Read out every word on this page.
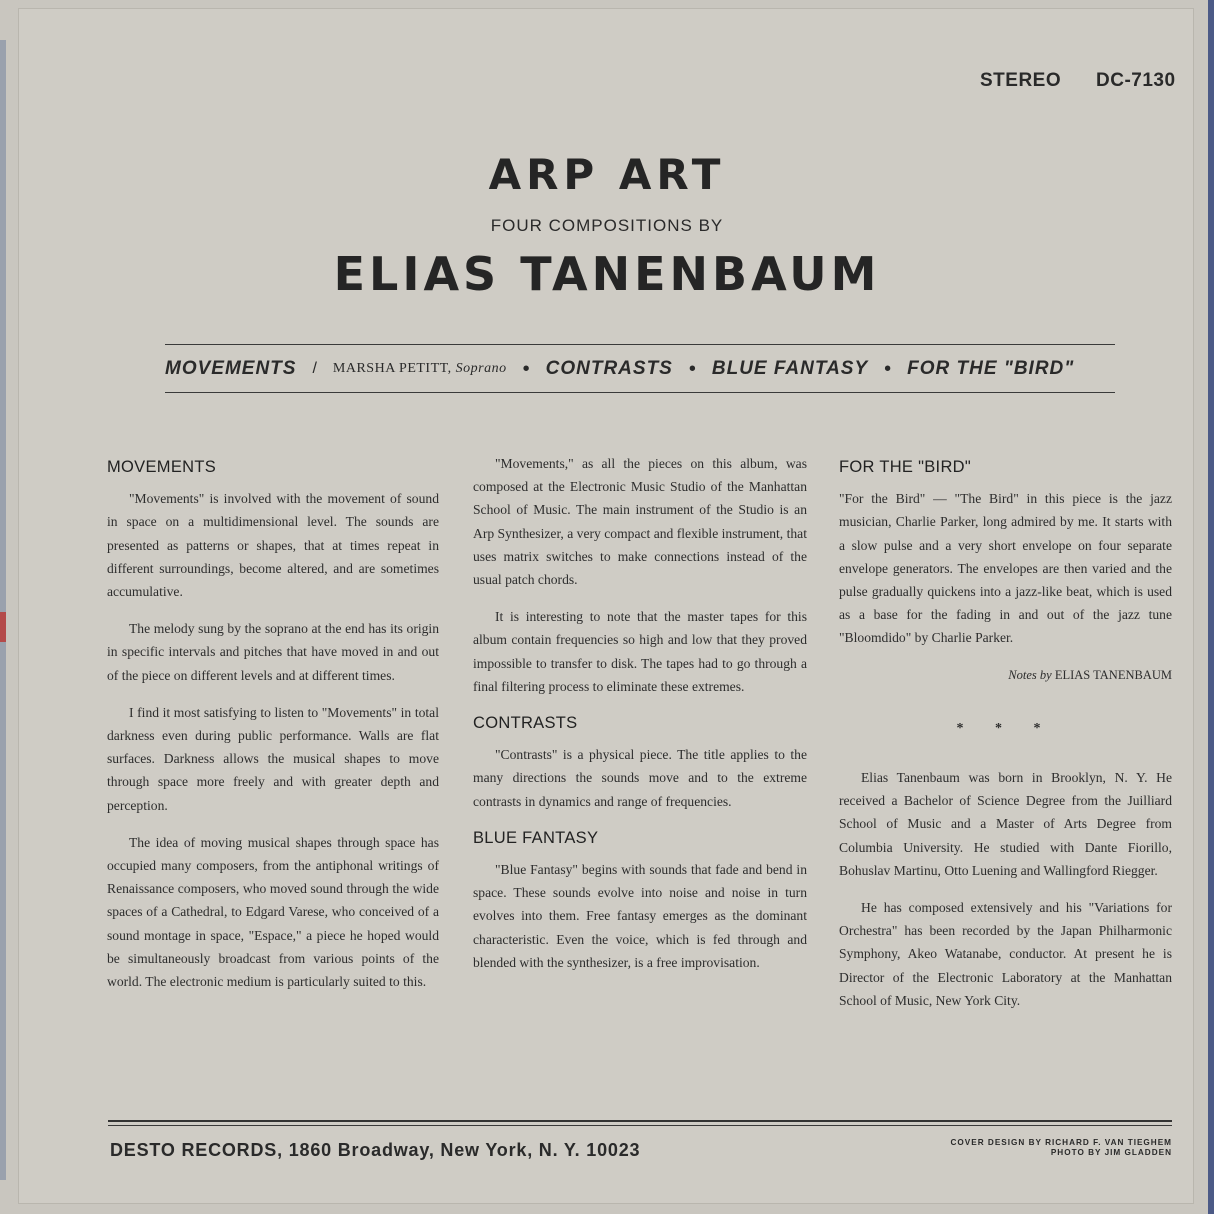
STEREO DC-7130
ARP ART
FOUR COMPOSITIONS BY
ELIAS TANENBAUM
MOVEMENTS / MARSHA PETITT, Soprano • CONTRASTS • BLUE FANTASY • FOR THE "BIRD"
MOVEMENTS

"Movements" is involved with the movement of sound in space on a multidimensional level. The sounds are presented as patterns or shapes, that at times repeat in different surroundings, become altered, and are sometimes accumulative.

The melody sung by the soprano at the end has its origin in specific intervals and pitches that have moved in and out of the piece on different levels and at different times.

I find it most satisfying to listen to "Movements" in total darkness even during public performance. Walls are flat surfaces. Darkness allows the musical shapes to move through space more freely and with greater depth and perception.

The idea of moving musical shapes through space has occupied many composers, from the antiphonal writings of Renaissance composers, who moved sound through the wide spaces of a Cathedral, to Edgard Varese, who conceived of a sound montage in space, "Espace," a piece he hoped would be simultaneously broadcast from various points of the world. The electronic medium is particularly suited to this.

"Movements," as all the pieces on this album, was composed at the Electronic Music Studio of the Manhattan School of Music. The main instrument of the Studio is an Arp Synthesizer, a very compact and flexible instrument, that uses matrix switches to make connections instead of the usual patch chords.

It is interesting to note that the master tapes for this album contain frequencies so high and low that they proved impossible to transfer to disk. The tapes had to go through a final filtering process to eliminate these extremes.

CONTRASTS

"Contrasts" is a physical piece. The title applies to the many directions the sounds move and to the extreme contrasts in dynamics and range of frequencies.

BLUE FANTASY

"Blue Fantasy" begins with sounds that fade and bend in space. These sounds evolve into noise and noise in turn evolves into them. Free fantasy emerges as the dominant characteristic. Even the voice, which is fed through and blended with the synthesizer, is a free improvisation.

FOR THE "BIRD"

"For the Bird" — "The Bird" in this piece is the jazz musician, Charlie Parker, long admired by me. It starts with a slow pulse and a very short envelope on four separate envelope generators. The envelopes are then varied and the pulse gradually quickens into a jazz-like beat, which is used as a base for the fading in and out of the jazz tune "Bloomdido" by Charlie Parker.

Notes by ELIAS TANENBAUM
* * *

Elias Tanenbaum was born in Brooklyn, N. Y. He received a Bachelor of Science Degree from the Juilliard School of Music and a Master of Arts Degree from Columbia University. He studied with Dante Fiorillo, Bohuslav Martinu, Otto Luening and Wallingford Riegger.

He has composed extensively and his "Variations for Orchestra" has been recorded by the Japan Philharmonic Symphony, Akeo Watanabe, conductor. At present he is Director of the Electronic Laboratory at the Manhattan School of Music, New York City.

DESTO RECORDS, 1860 Broadway, New York, N. Y. 10023	COVER DESIGN BY RICHARD F. VAN TIEGHEM
PHOTO BY JIM GLADDEN
